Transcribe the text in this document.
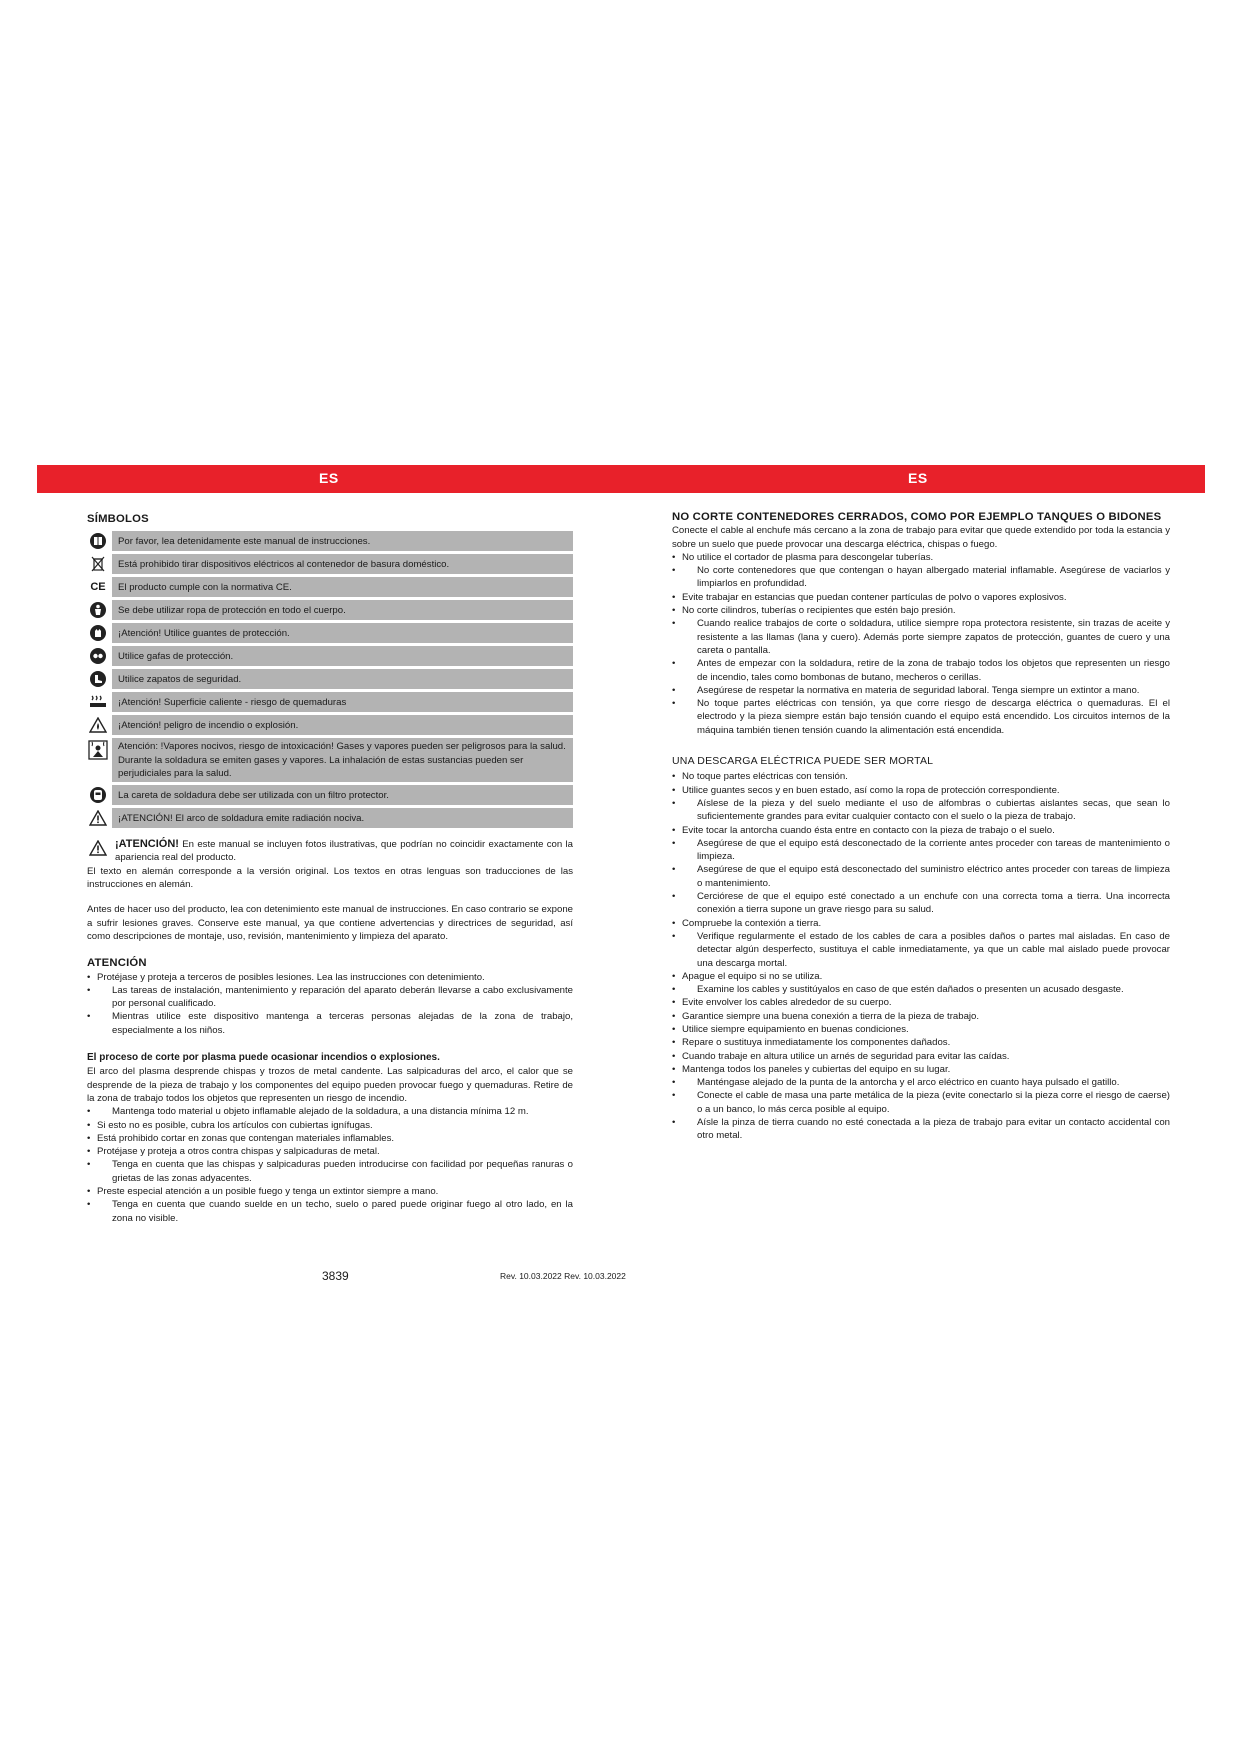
ES	ES
SÍMBOLOS
Por favor, lea detenidamente este manual de instrucciones.
Está prohibido tirar dispositivos eléctricos al contenedor de basura doméstico.
CE	El producto cumple con la normativa CE.
Se debe utilizar ropa de protección en todo el cuerpo.
¡Atención! Utilice guantes de protección.
Utilice gafas de protección.
Utilice zapatos de seguridad.
¡Atención! Superficie caliente - riesgo de quemaduras
¡Atención! peligro de incendio o explosión.
Atención: !Vapores nocivos, riesgo de intoxicación! Gases y vapores pueden ser peligrosos para la salud. Durante la soldadura se emiten gases y vapores. La inhalación de estas sustancias pueden ser perjudiciales para la salud.
La careta de soldadura debe ser utilizada con un filtro protector.
¡ATENCIÓN! El arco de soldadura emite radiación nociva.

¡ATENCIÓN! En este manual se incluyen fotos ilustrativas, que podrían no coincidir exactamente con la apariencia real del producto.

El texto en alemán corresponde a la versión original. Los textos en otras lenguas son traducciones de las instrucciones en alemán.

Antes de hacer uso del producto, lea con detenimiento este manual de instrucciones. En caso contrario se expone a sufrir lesiones graves. Conserve este manual, ya que contiene advertencias y directrices de seguridad, así como descripciones de montaje, uso, revisión, mantenimiento y limpieza del aparato.

ATENCIÓN
• Protéjase y proteja a terceros de posibles lesiones. Lea las instrucciones con detenimiento.
• Las tareas de instalación, mantenimiento y reparación del aparato deberán llevarse a cabo exclusivamente por personal cualificado.
• Mientras utilice este dispositivo mantenga a terceras personas alejadas de la zona de trabajo, especialmente a los niños.
El proceso de corte por plasma puede ocasionar incendios o explosiones.

El arco del plasma desprende chispas y trozos de metal candente. Las salpicaduras del arco, el calor que se desprende de la pieza de trabajo y los componentes del equipo pueden provocar fuego y quemaduras. Retire de la zona de trabajo todos los objetos que representen un riesgo de incendio.

• Mantenga todo material u objeto inflamable alejado de la soldadura, a una distancia mínima 12 m.
• Si esto no es posible, cubra los artículos con cubiertas ignífugas.
• Está prohibido cortar en zonas que contengan materiales inflamables.
• Protéjase y proteja a otros contra chispas y salpicaduras de metal.
• Tenga en cuenta que las chispas y salpicaduras pueden introducirse con facilidad por pequeñas ranuras o grietas de las zonas adyacentes.
• Preste especial atención a un posible fuego y tenga un extintor siempre a mano.
• Tenga en cuenta que cuando suelde en un techo, suelo o pared puede originar fuego al otro lado, en la zona no visible.
NO CORTE CONTENEDORES CERRADOS, COMO POR EJEMPLO TANQUES O BIDONES

Conecte el cable al enchufe más cercano a la zona de trabajo para evitar que quede extendido por toda la estancia y sobre un suelo que puede provocar una descarga eléctrica, chispas o fuego.

• No utilice el cortador de plasma para descongelar tuberías.
• No corte contenedores que que contengan o hayan albergado material inflamable. Asegúrese de vaciarlos y limpiarlos en profundidad.
• Evite trabajar en estancias que puedan contener partículas de polvo o vapores explosivos.
• No corte cilindros, tuberías o recipientes que estén bajo presión.
• Cuando realice trabajos de corte o soldadura, utilice siempre ropa protectora resistente, sin trazas de aceite y resistente a las llamas (lana y cuero). Además porte siempre zapatos de protección, guantes de cuero y una careta o pantalla.
• Antes de empezar con la soldadura, retire de la zona de trabajo todos los objetos que representen un riesgo de incendio, tales como bombonas de butano, mecheros o cerillas.
• Asegúrese de respetar la normativa en materia de seguridad laboral. Tenga siempre un extintor a mano.
• No toque partes eléctricas con tensión, ya que corre riesgo de descarga eléctrica o quemaduras. El el electrodo y la pieza siempre están bajo tensión cuando el equipo está encendido. Los circuitos internos de la máquina también tienen tensión cuando la alimentación está encendida.
UNA DESCARGA ELÉCTRICA PUEDE SER MORTAL
• No toque partes eléctricas con tensión.
• Utilice guantes secos y en buen estado, así como la ropa de protección correspondiente.
• Aíslese de la pieza y del suelo mediante el uso de alfombras o cubiertas aislantes secas, que sean lo suficientemente grandes para evitar cualquier contacto con el suelo o la pieza de trabajo.
• Evite tocar la antorcha cuando ésta entre en contacto con la pieza de trabajo o el suelo.
• Asegúrese de que el equipo está desconectado de la corriente antes proceder con tareas de mantenimiento o limpieza.
• Asegúrese de que el equipo está desconectado del suministro eléctrico antes proceder con tareas de limpieza o mantenimiento.
• Cerciórese de que el equipo esté conectado a un enchufe con una correcta toma a tierra. Una incorrecta conexión a tierra supone un grave riesgo para su salud.
• Compruebe la contexión a tierra.
• Verifique regularmente el estado de los cables de cara a posibles daños o partes mal aisladas. En caso de detectar algún desperfecto, sustituya el cable inmediatamente, ya que un cable mal aislado puede provocar una descarga mortal.
• Apague el equipo si no se utiliza.
• Examine los cables y sustitúyalos en caso de que estén dañados o presenten un acusado desgaste.
• Evite envolver los cables alrededor de su cuerpo.
• Garantice siempre una buena conexión a tierra de la pieza de trabajo.
• Utilice siempre equipamiento en buenas condiciones.
• Repare o sustituya inmediatamente los componentes dañados.
• Cuando trabaje en altura utilice un arnés de seguridad para evitar las caídas.
• Mantenga todos los paneles y cubiertas del equipo en su lugar.
• Manténgase alejado de la punta de la antorcha y el arco eléctrico en cuanto haya pulsado el gatillo.
• Conecte el cable de masa una parte metálica de la pieza (evite conectarlo si la pieza corre el riesgo de caerse) o a un banco, lo más cerca posible al equipo.
• Aísle la pinza de tierra cuando no esté conectada a la pieza de trabajo para evitar un contacto accidental con otro metal.
3839	Rev. 10.03.2022 Rev. 10.03.2022
